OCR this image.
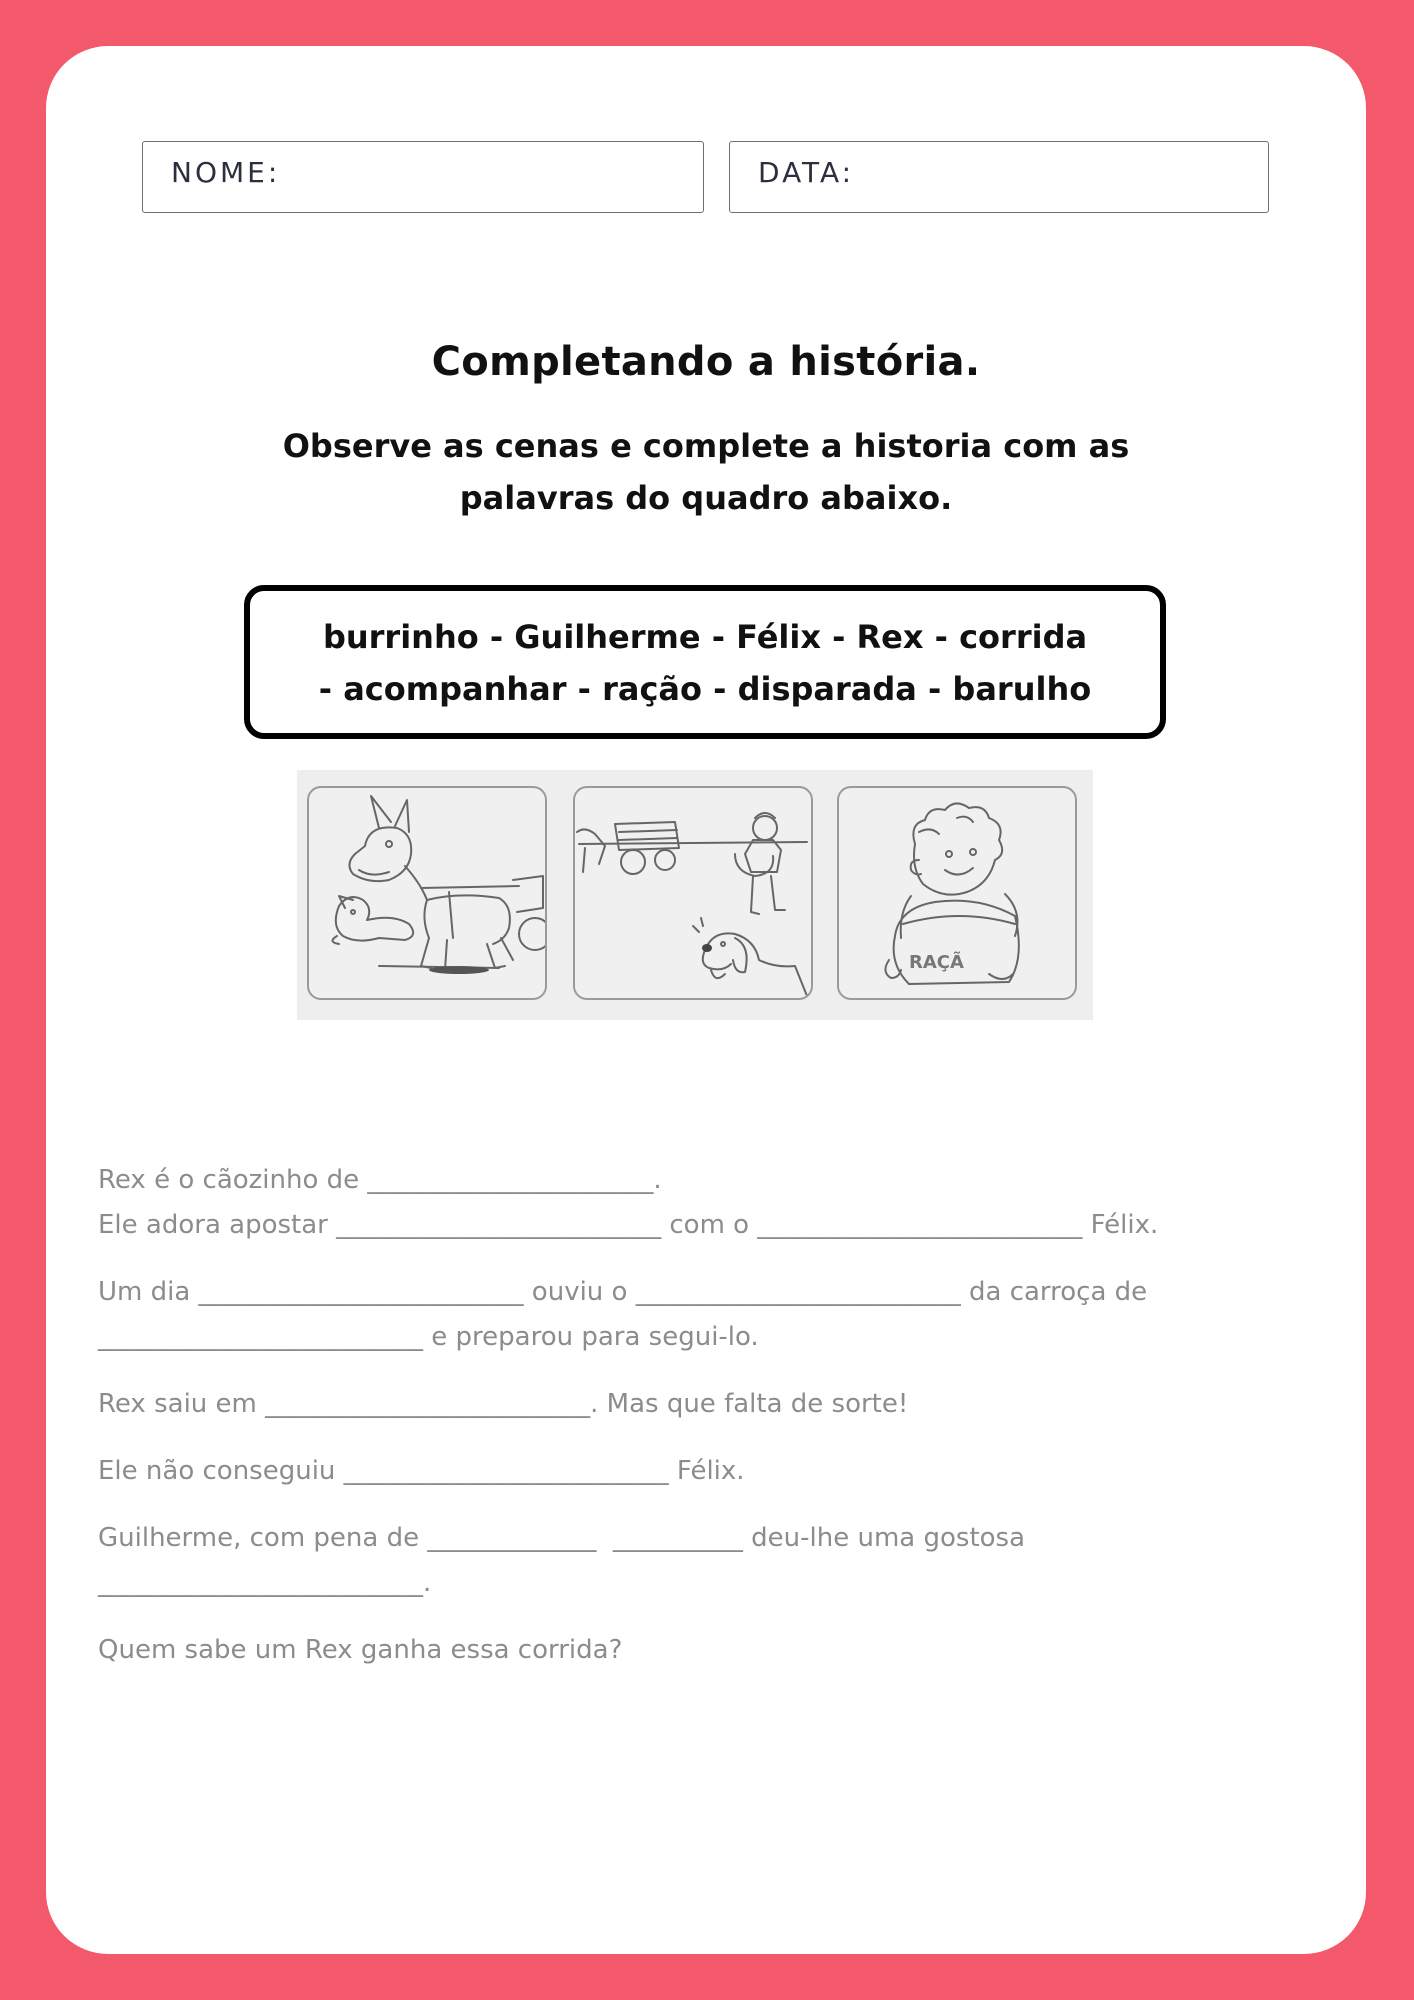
NOME:	DATA:
Completando a história.
Observe as cenas e complete a historia com as
palavras do quadro abaixo.
burrinho - Guilherme - Félix - Rex - corrida
- acompanhar - ração - disparada - barulho
RAÇÃ

Rex é o cãozinho de ______________________.

Ele adora apostar _________________________ com o _________________________ Félix.

Um dia _________________________ ouviu o _________________________ da carroça de

_________________________ e preparou para segui-lo.

Rex saiu em _________________________. Mas que falta de sorte!

Ele não conseguiu _________________________ Félix.

Guilherme, com pena de _____________  __________ deu-lhe uma gostosa

_________________________.

Quem sabe um Rex ganha essa corrida?
